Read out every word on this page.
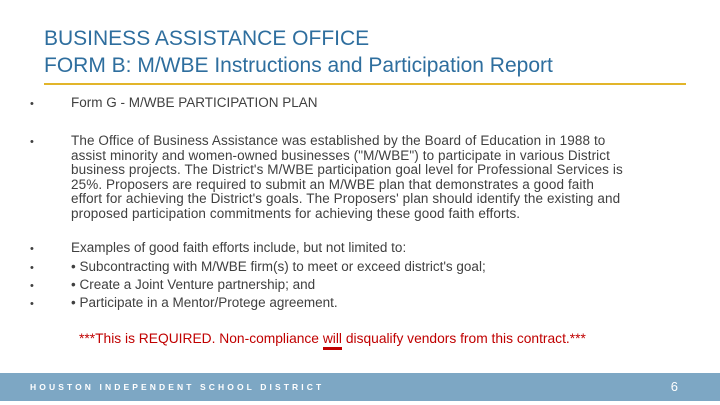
BUSINESS ASSISTANCE OFFICE
FORM B: M/WBE Instructions and Participation Report
•	Form G - M/WBE PARTICIPATION PLAN
•	The Office of Business Assistance was established by the Board of Education in 1988 to
assist minority and women-owned businesses ("M/WBE") to participate in various District
business projects. The District's M/WBE participation goal level for Professional Services is
25%. Proposers are required to submit an M/WBE plan that demonstrates a good faith
effort for achieving the District's goals. The Proposers' plan should identify the existing and
proposed participation commitments for achieving these good faith efforts.
•	Examples of good faith efforts include, but not limited to:
•	• Subcontracting with M/WBE firm(s) to meet or exceed district's goal;
•	• Create a Joint Venture partnership; and
•	• Participate in a Mentor/Protege agreement.
***This is REQUIRED. Non-compliance will
disqualify vendors from this contract.***
HOUSTON INDEPENDENT SCHOOL DISTRICT	6
